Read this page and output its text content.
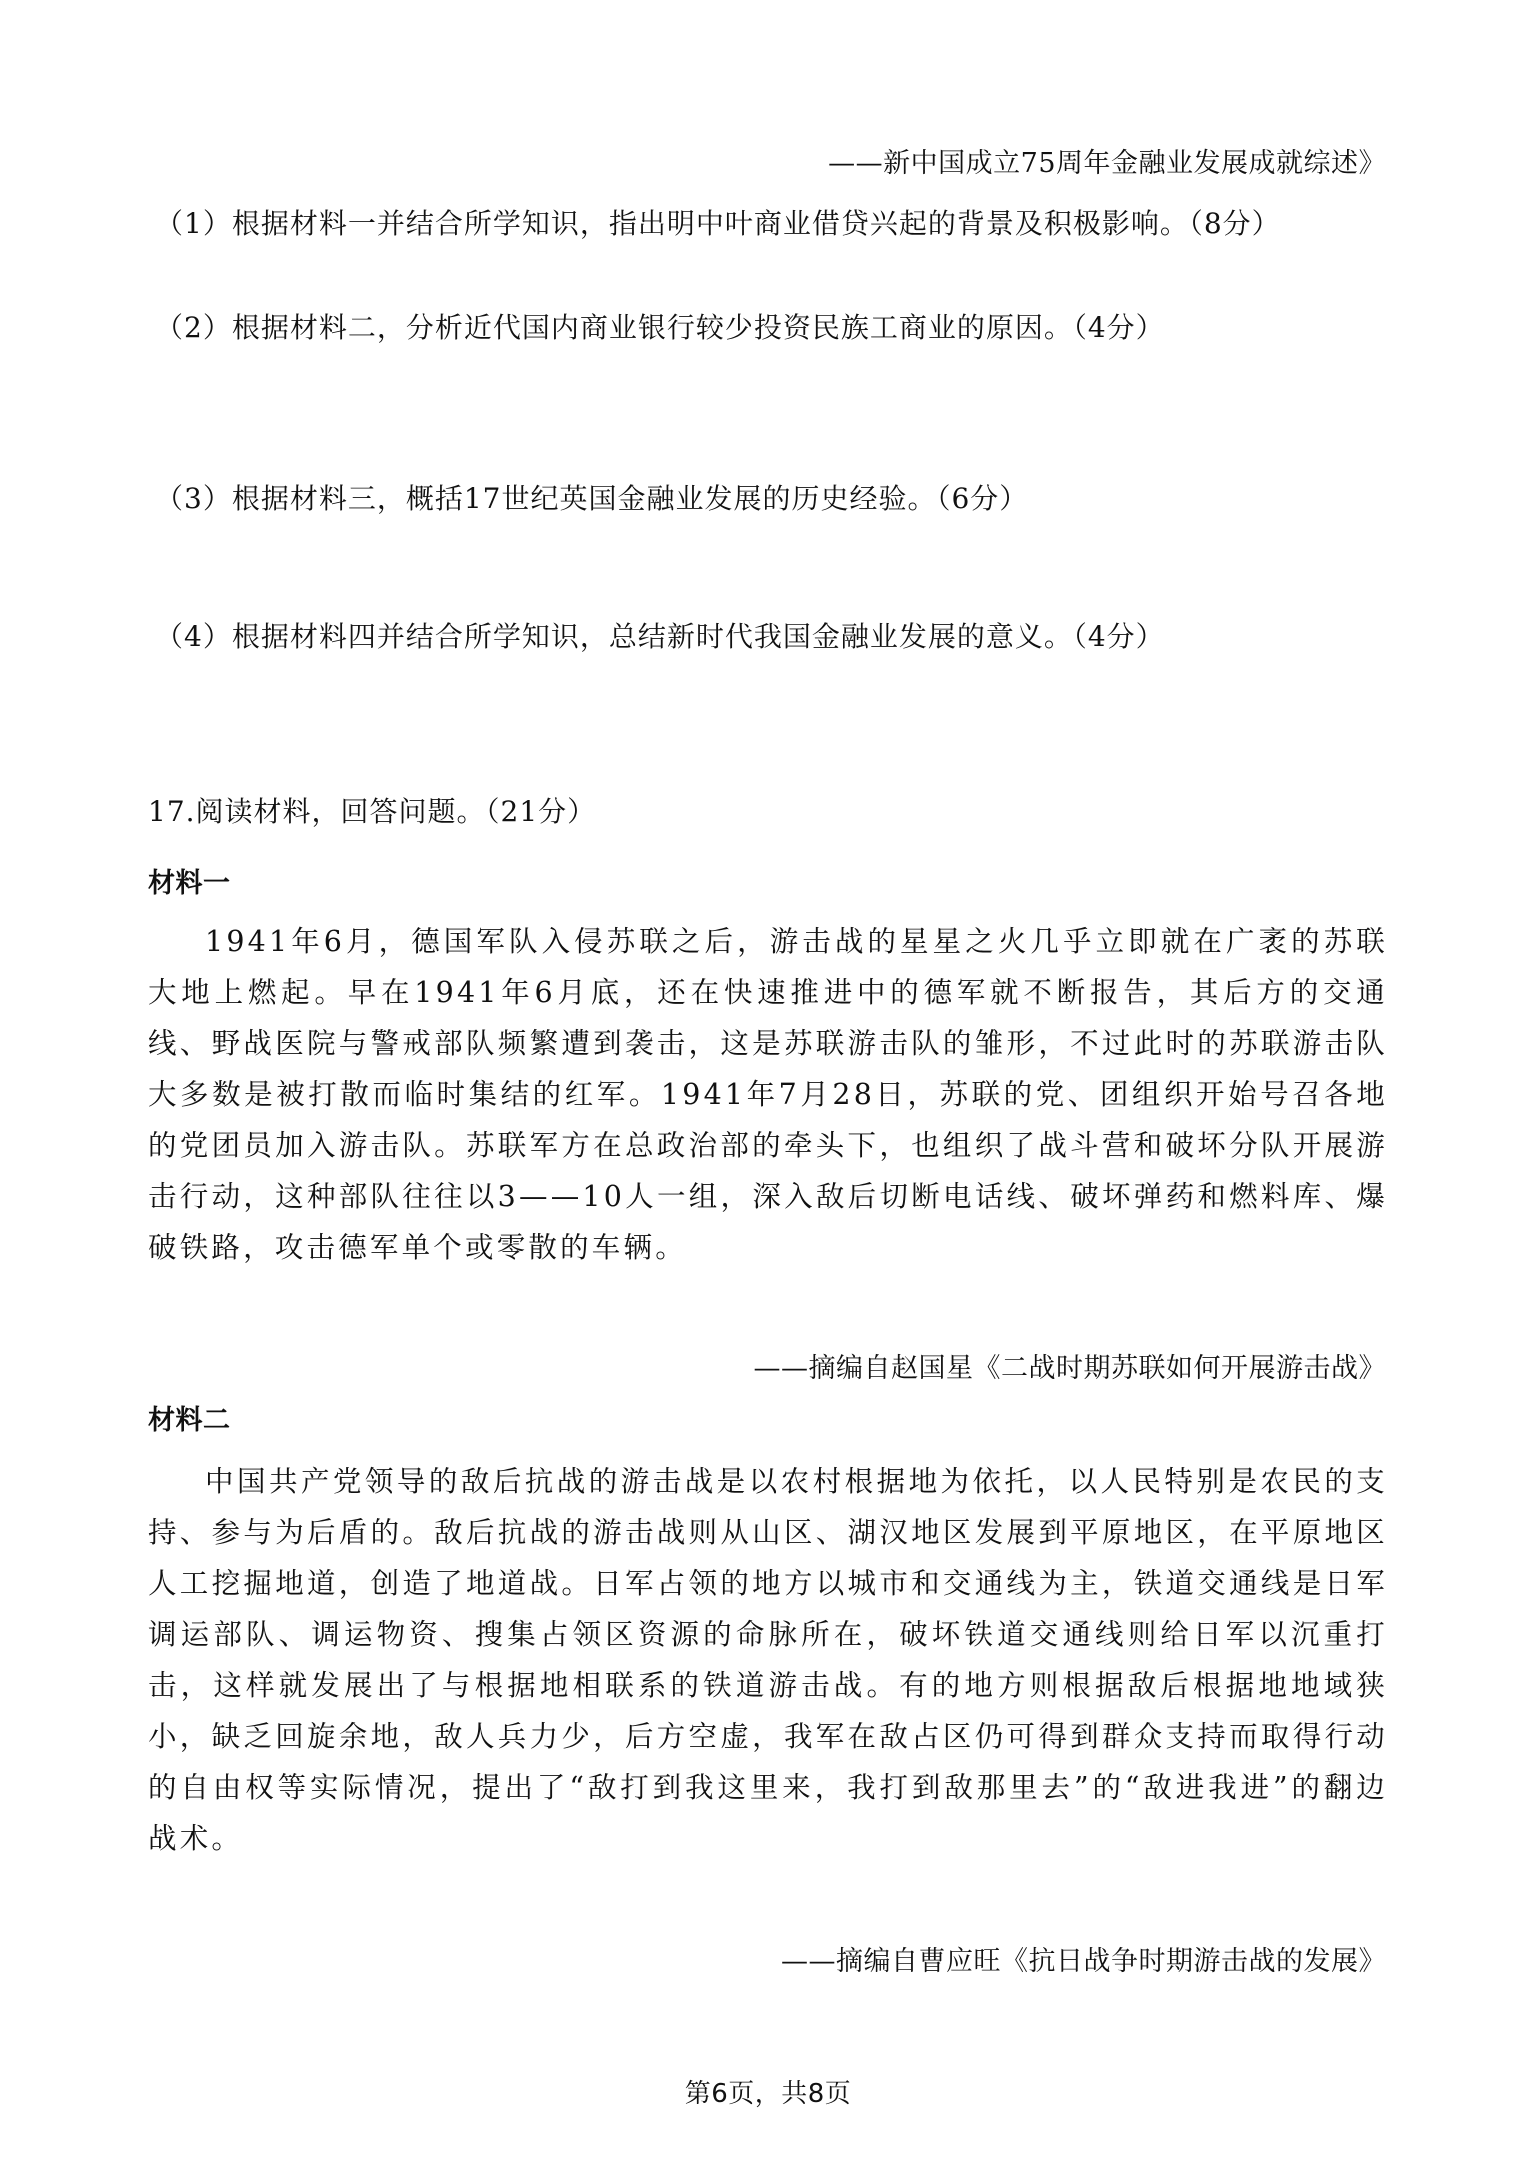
——新中国成立75周年金融业发展成就综述》
（1）根据材料一并结合所学知识，指出明中叶商业借贷兴起的背景及积极影响。（8分）
（2）根据材料二，分析近代国内商业银行较少投资民族工商业的原因。（4分）
（3）根据材料三，概括17世纪英国金融业发展的历史经验。（6分）
（4）根据材料四并结合所学知识，总结新时代我国金融业发展的意义。（4分）
17.阅读材料，回答问题。（21分）
材料一
1941年6月，德国军队入侵苏联之后，游击战的星星之火几乎立即就在广袤的苏联大地上燃起。早在1941年6月底，还在快速推进中的德军就不断报告，其后方的交通线、野战医院与警戒部队频繁遭到袭击，这是苏联游击队的雏形，不过此时的苏联游击队大多数是被打散而临时集结的红军。1941年7月28日，苏联的党、团组织开始号召各地的党团员加入游击队。苏联军方在总政治部的牵头下，也组织了战斗营和破坏分队开展游击行动，这种部队往往以3——10人一组，深入敌后切断电话线、破坏弹药和燃料库、爆破铁路，攻击德军单个或零散的车辆。
——摘编自赵国星《二战时期苏联如何开展游击战》
材料二
中国共产党领导的敌后抗战的游击战是以农村根据地为依托，以人民特别是农民的支持、参与为后盾的。敌后抗战的游击战则从山区、湖汉地区发展到平原地区，在平原地区人工挖掘地道，创造了地道战。日军占领的地方以城市和交通线为主，铁道交通线是日军调运部队、调运物资、搜集占领区资源的命脉所在，破坏铁道交通线则给日军以沉重打击，这样就发展出了与根据地相联系的铁道游击战。有的地方则根据敌后根据地地域狭小，缺乏回旋余地，敌人兵力少，后方空虚，我军在敌占区仍可得到群众支持而取得行动的自由权等实际情况，提出了“敌打到我这里来，我打到敌那里去”的“敌进我进”的翻边战术。
——摘编自曹应旺《抗日战争时期游击战的发展》
第6页，共8页
